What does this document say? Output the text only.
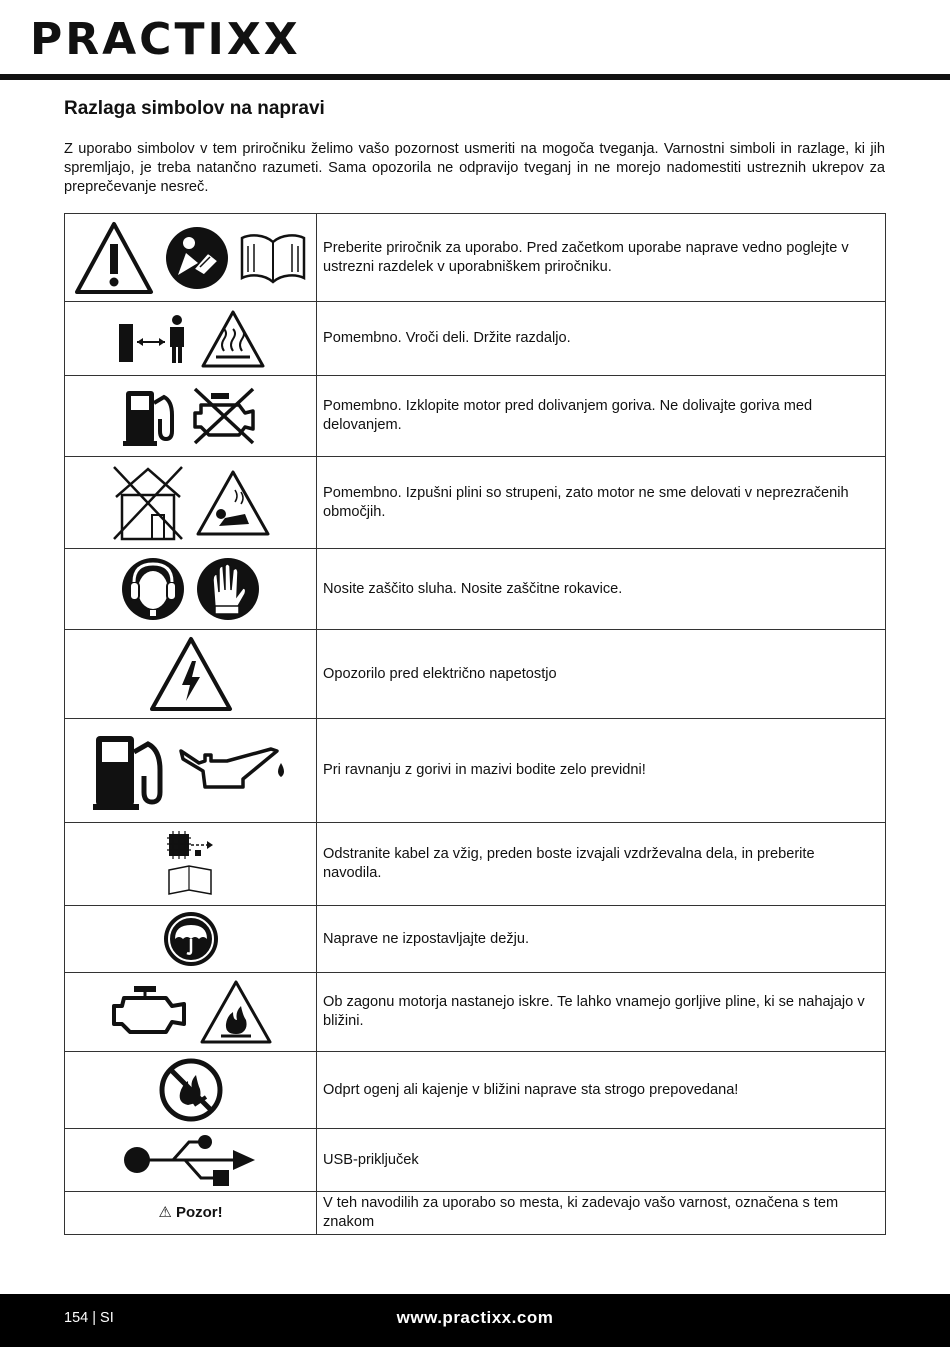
PRACTIXX
Razlaga simbolov na napravi

Z uporabo simbolov v tem priročniku želimo vašo pozornost usmeriti na mogoča tveganja. Varnostni simboli in razlage, ki jih spremljajo, je treba natančno razumeti. Sama opozorila ne odpravijo tveganj in ne morejo nadomestiti ustreznih ukrepov za preprečevanje nesreč.

	Preberite priročnik za uporabo. Pred začetkom uporabe naprave vedno poglejte v ustrezni razdelek v uporabniškem priročniku.
	Pomembno. Vroči deli. Držite razdaljo.
	Pomembno. Izklopite motor pred dolivanjem goriva. Ne dolivajte goriva med delovanjem.
	Pomembno. Izpušni plini so strupeni, zato motor ne sme delovati v neprezračenih območjih.
	Nosite zaščito sluha. Nosite zaščitne rokavice.
	Opozorilo pred električno napetostjo
	Pri ravnanju z gorivi in mazivi bodite zelo previdni!
	Odstranite kabel za vžig, preden boste izvajali vzdrževalna dela, in preberite navodila.
	Naprave ne izpostavljajte dežju.
	Ob zagonu motorja nastanejo iskre. Te lahko vnamejo gorljive pline, ki se nahajajo v bližini.
	Odprt ogenj ali kajenje v bližini naprave sta strogo prepovedana!
	USB-priključek
⚠ Pozor!	V teh navodilih za uporabo so mesta, ki zadevajo vašo varnost, označena s tem znakom
154 | SI	www.practixx.com
